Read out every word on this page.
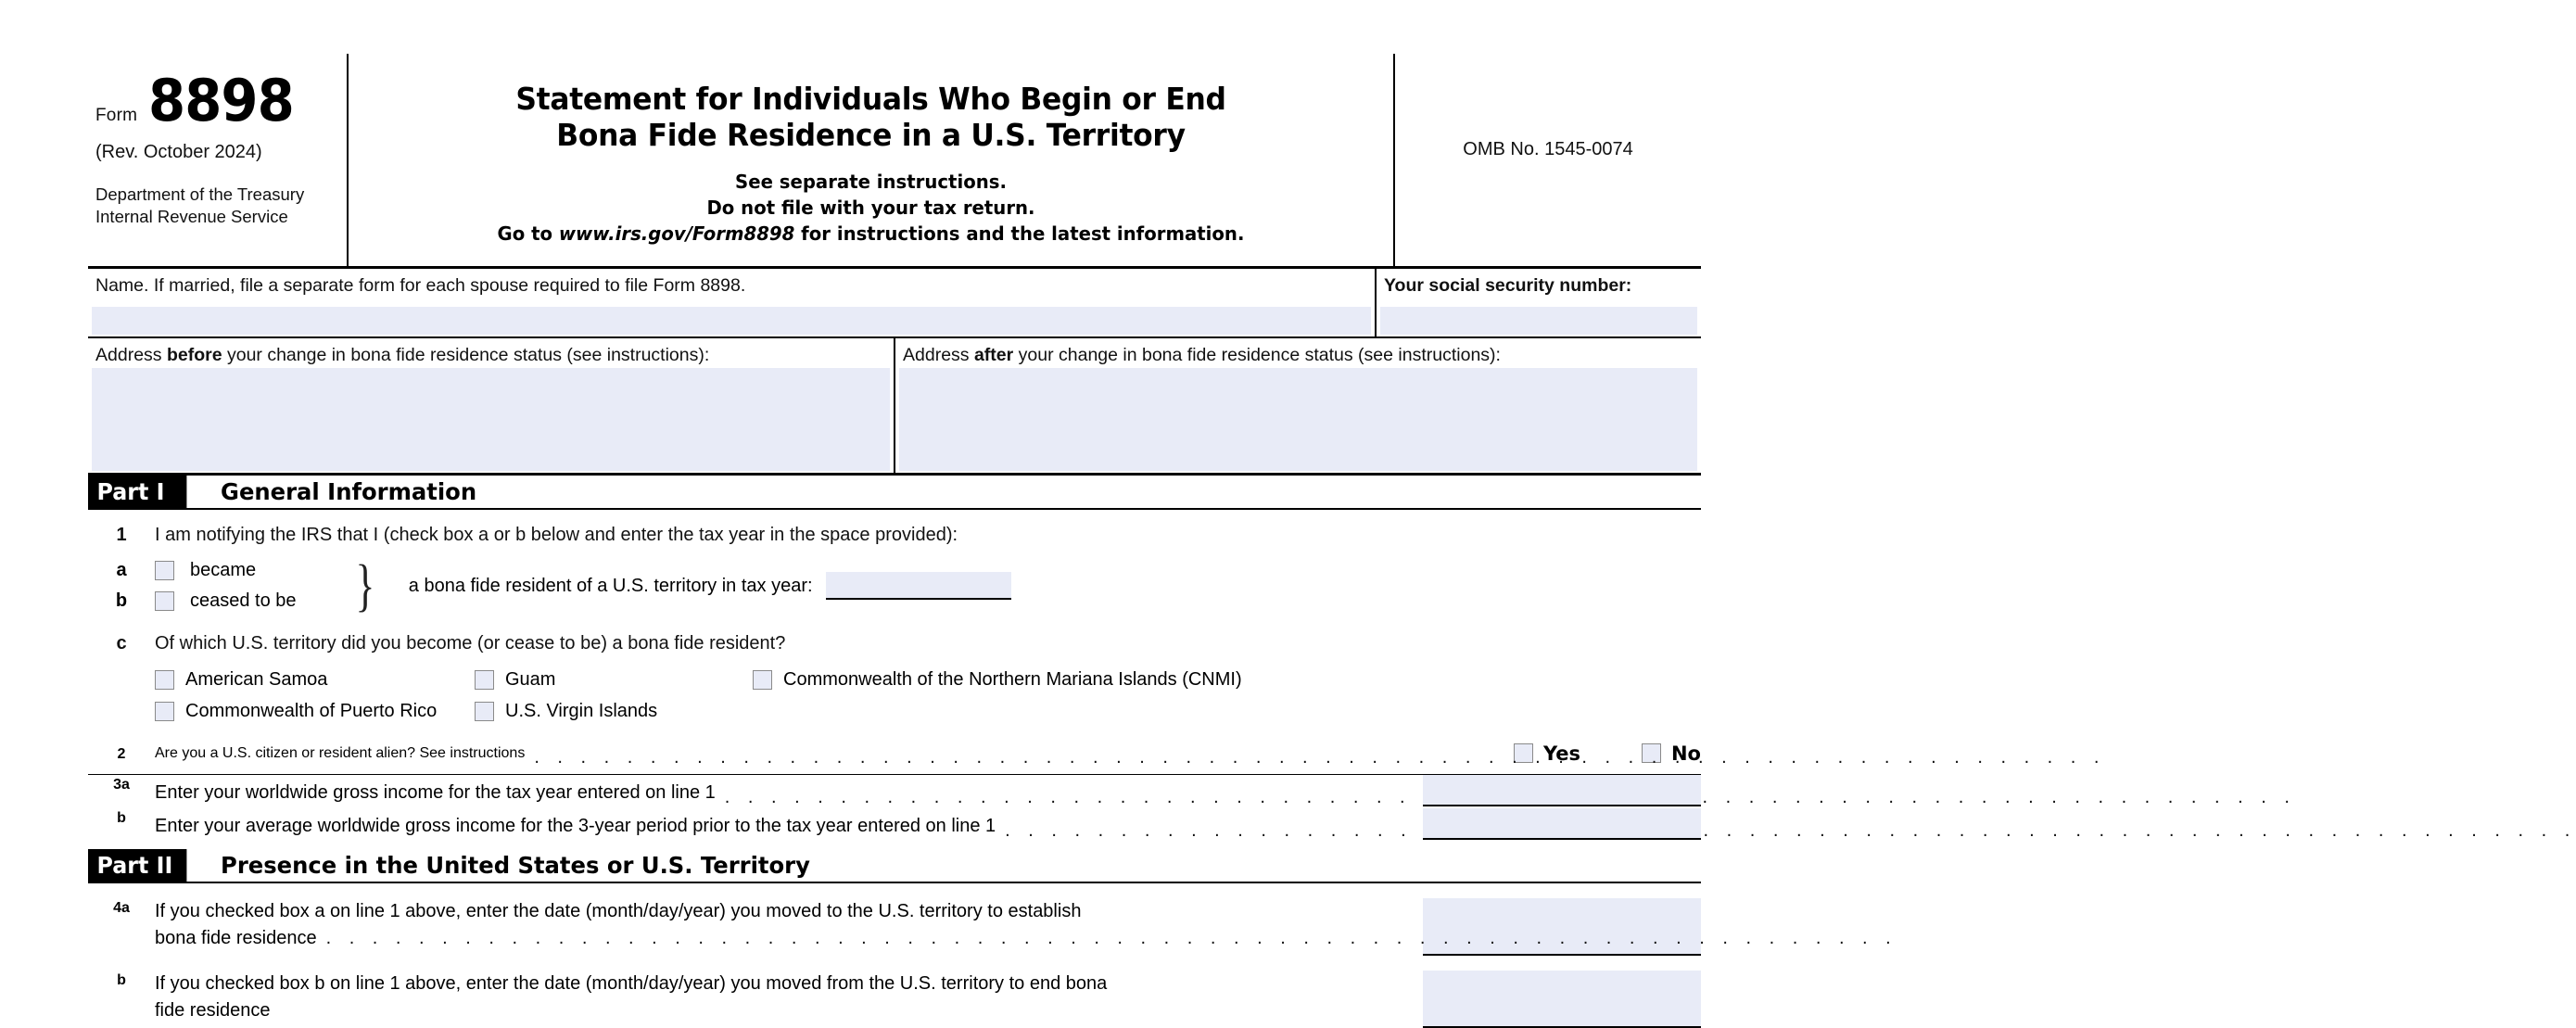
Form 8898
(Rev. October 2024)
Department of the Treasury
Internal Revenue Service
Statement for Individuals Who Begin or End
Bona Fide Residence in a U.S. Territory
See separate instructions.
Do not file with your tax return.
Go to www.irs.gov/Form8898 for instructions and the latest information.
OMB No. 1545-0074
Name. If married, file a separate form for each spouse required to file Form 8898.	Your social security number:
Address before your change in bona fide residence status (see instructions):	Address after your change in bona fide residence status (see instructions):
Part I	General Information
1	I am notifying the IRS that I (check box a or b below and enter the tax year in the space provided):
a	became
b	ceased to be } a bona fide resident of a U.S. territory in tax year:
c	Of which U.S. territory did you become (or cease to be) a bona fide resident?
American Samoa	Guam	Commonwealth of the Northern Mariana Islands (CNMI)
Commonwealth of Puerto Rico	U.S. Virgin Islands
2	Are you a U.S. citizen or resident alien? See instructions . . .	Yes	No
3a	Enter your worldwide gross income for the tax year entered on line 1
. . .
b	Enter your average worldwide gross income for the 3-year period prior to the tax year entered on line 1
. . .
Part II	Presence in the United States or U.S. Territory
4a	If you checked box a on line 1 above, enter the date (month/day/year) you moved to the U.S. territory to establish
bona fide residence
. . .
b	If you checked box b on line 1 above, enter the date (month/day/year) you moved from the U.S. territory to end bona
fide residence
